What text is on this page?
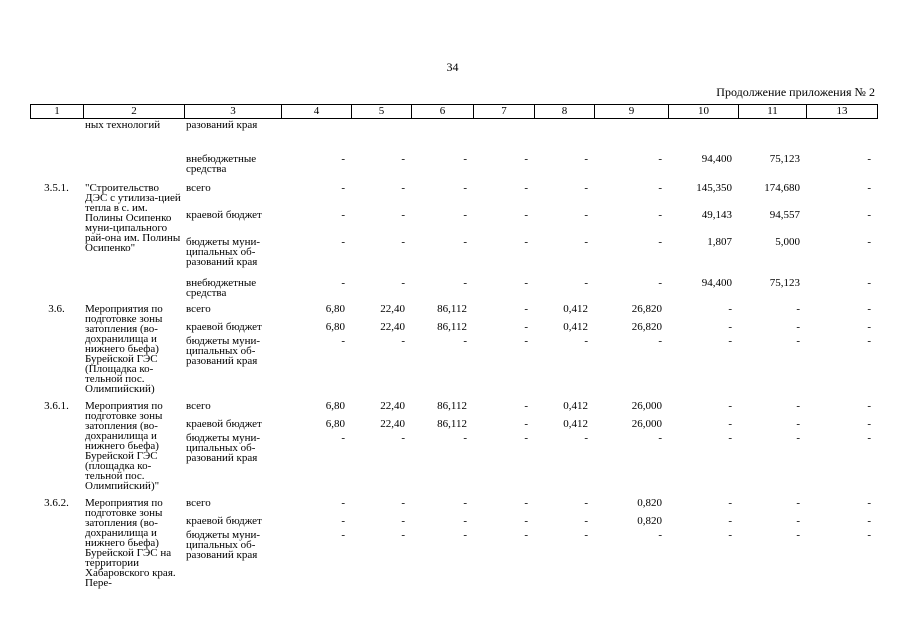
34
Продолжение приложения № 2
1	2	3	4	5	6	7	8	9	10	11	13
	ных технологий	разований края									
		внебюджетные средства	-	-	-	-	-	-	94,400	75,123	-
3.5.1.	"Строительство ДЭС с утилиза-цией тепла в с. им. Полины Осипенко муни-ципального рай-она им. Полины Осипенко"	всего	-	-	-	-	-	-	145,350	174,680	-
		краевой бюджет	-	-	-	-	-	-	49,143	94,557	-
		бюджеты муни-ципальных об-разований края	-	-	-	-	-	-	1,807	5,000	-
		внебюджетные средства	-	-	-	-	-	-	94,400	75,123	-
3.6.	Мероприятия по подготовке зоны затопления (во-дохранилища и нижнего бьефа) Бурейской ГЭС (Площадка ко-тельной пос. Олимпийский)	всего	6,80	22,40	86,112	-	0,412	26,820	-	-	-
		краевой бюджет	6,80	22,40	86,112	-	0,412	26,820	-	-	-
		бюджеты муни-ципальных об-разований края	-	-	-	-	-	-	-	-	-
3.6.1.	Мероприятия по подготовке зоны затопления (во-дохранилища и нижнего бьефа) Бурейской ГЭС (площадка ко-тельной пос. Олимпийский)"	всего	6,80	22,40	86,112	-	0,412	26,000	-	-	-
		краевой бюджет	6,80	22,40	86,112	-	0,412	26,000	-	-	-
		бюджеты муни-ципальных об-разований края	-	-	-	-	-	-	-	-	-
3.6.2.	Мероприятия по подготовке зоны затопления (во-дохранилища и нижнего бьефа) Бурейской ГЭС на территории Хабаровского края. Пере-	всего	-	-	-	-	-	0,820	-	-	-
		краевой бюджет	-	-	-	-	-	0,820	-	-	-
		бюджеты муни-ципальных об-разований края	-	-	-	-	-	-	-	-	-
